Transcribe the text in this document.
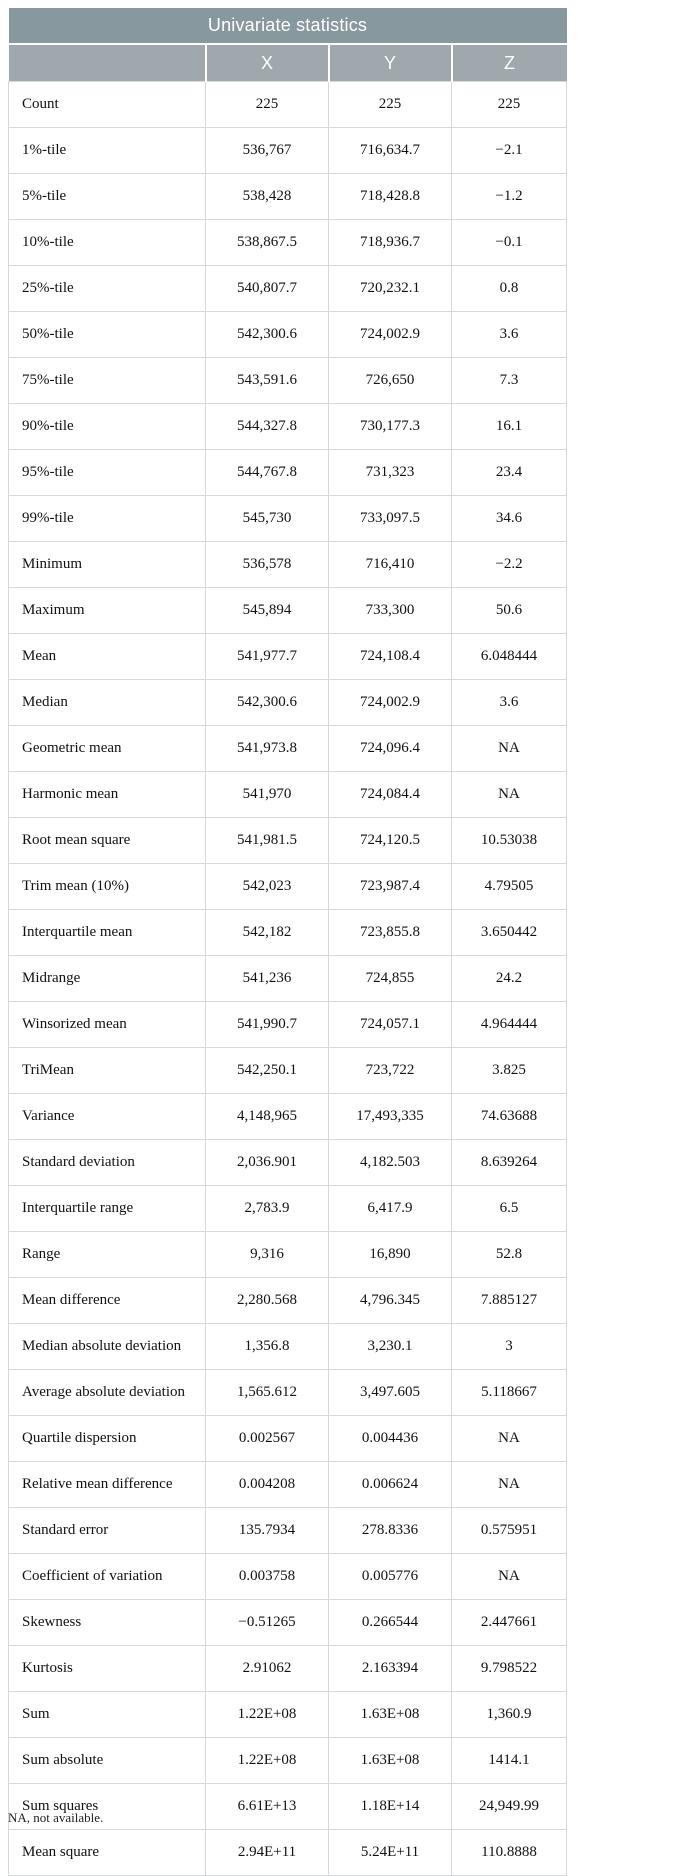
Univariate statistics			
	X	Y	Z
Count	225	225	225
1%-tile	536,767	716,634.7	−2.1
5%-tile	538,428	718,428.8	−1.2
10%-tile	538,867.5	718,936.7	−0.1
25%-tile	540,807.7	720,232.1	0.8
50%-tile	542,300.6	724,002.9	3.6
75%-tile	543,591.6	726,650	7.3
90%-tile	544,327.8	730,177.3	16.1
95%-tile	544,767.8	731,323	23.4
99%-tile	545,730	733,097.5	34.6
Minimum	536,578	716,410	−2.2
Maximum	545,894	733,300	50.6
Mean	541,977.7	724,108.4	6.048444
Median	542,300.6	724,002.9	3.6
Geometric mean	541,973.8	724,096.4	NA
Harmonic mean	541,970	724,084.4	NA
Root mean square	541,981.5	724,120.5	10.53038
Trim mean (10%)	542,023	723,987.4	4.79505
Interquartile mean	542,182	723,855.8	3.650442
Midrange	541,236	724,855	24.2
Winsorized mean	541,990.7	724,057.1	4.964444
TriMean	542,250.1	723,722	3.825
Variance	4,148,965	17,493,335	74.63688
Standard deviation	2,036.901	4,182.503	8.639264
Interquartile range	2,783.9	6,417.9	6.5
Range	9,316	16,890	52.8
Mean difference	2,280.568	4,796.345	7.885127
Median absolute deviation	1,356.8	3,230.1	3
Average absolute deviation	1,565.612	3,497.605	5.118667
Quartile dispersion	0.002567	0.004436	NA
Relative mean difference	0.004208	0.006624	NA
Standard error	135.7934	278.8336	0.575951
Coefficient of variation	0.003758	0.005776	NA
Skewness	−0.51265	0.266544	2.447661
Kurtosis	2.91062	2.163394	9.798522
Sum	1.22E+08	1.63E+08	1,360.9
Sum absolute	1.22E+08	1.63E+08	1414.1
Sum squares	6.61E+13	1.18E+14	24,949.99
Mean square	2.94E+11	5.24E+11	110.8888
NA, not available.
